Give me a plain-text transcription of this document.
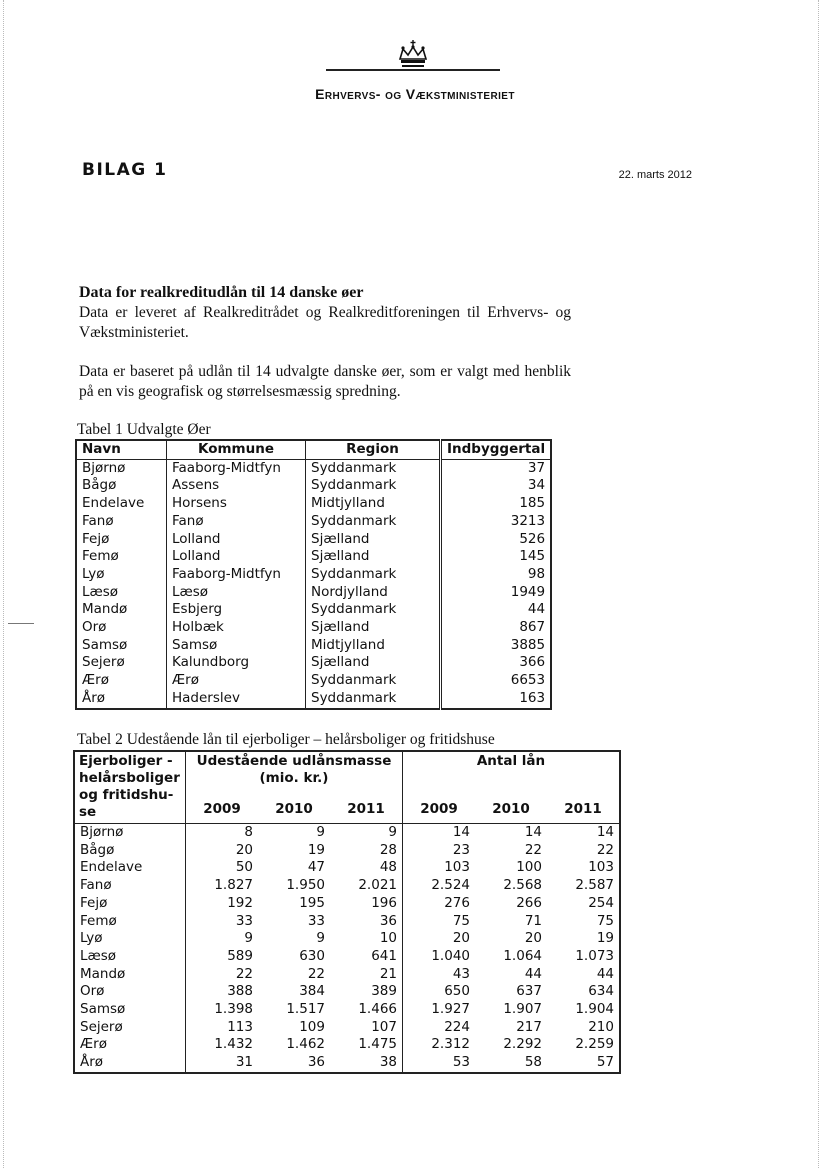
Erhvervs- og Vækstministeriet
BILAG 1	22. marts 2012
Data for realkreditudlån til 14 danske øer
Data er leveret af Realkreditrådet og Realkreditforeningen til Erhvervs- og Vækstministeriet.
Data er baseret på udlån til 14 udvalgte danske øer, som er valgt med henblik på en vis geografisk og størrelsesmæssig spredning.
Tabel 1 Udvalgte Øer
Navn	Kommune	Region	Indbyggertal
Bjørnø	Faaborg-Midtfyn	Syddanmark	37
Bågø	Assens	Syddanmark	34
Endelave	Horsens	Midtjylland	185
Fanø	Fanø	Syddanmark	3213
Fejø	Lolland	Sjælland	526
Femø	Lolland	Sjælland	145
Lyø	Faaborg-Midtfyn	Syddanmark	98
Læsø	Læsø	Nordjylland	1949
Mandø	Esbjerg	Syddanmark	44
Orø	Holbæk	Sjælland	867
Samsø	Samsø	Midtjylland	3885
Sejerø	Kalundborg	Sjælland	366
Ærø	Ærø	Syddanmark	6653
Årø	Haderslev	Syddanmark	163
Tabel 2 Udestående lån til ejerboliger – helårsboliger og fritidshuse
Ejerboliger -
helårsboliger
og fritidshu-
se	Udestående udlånsmasse
(mio. kr.)			Antal lån		
	2009	2010	2011	2009	2010	2011
Bjørnø	8	9	9	14	14	14
Bågø	20	19	28	23	22	22
Endelave	50	47	48	103	100	103
Fanø	1.827	1.950	2.021	2.524	2.568	2.587
Fejø	192	195	196	276	266	254
Femø	33	33	36	75	71	75
Lyø	9	9	10	20	20	19
Læsø	589	630	641	1.040	1.064	1.073
Mandø	22	22	21	43	44	44
Orø	388	384	389	650	637	634
Samsø	1.398	1.517	1.466	1.927	1.907	1.904
Sejerø	113	109	107	224	217	210
Ærø	1.432	1.462	1.475	2.312	2.292	2.259
Årø	31	36	38	53	58	57
